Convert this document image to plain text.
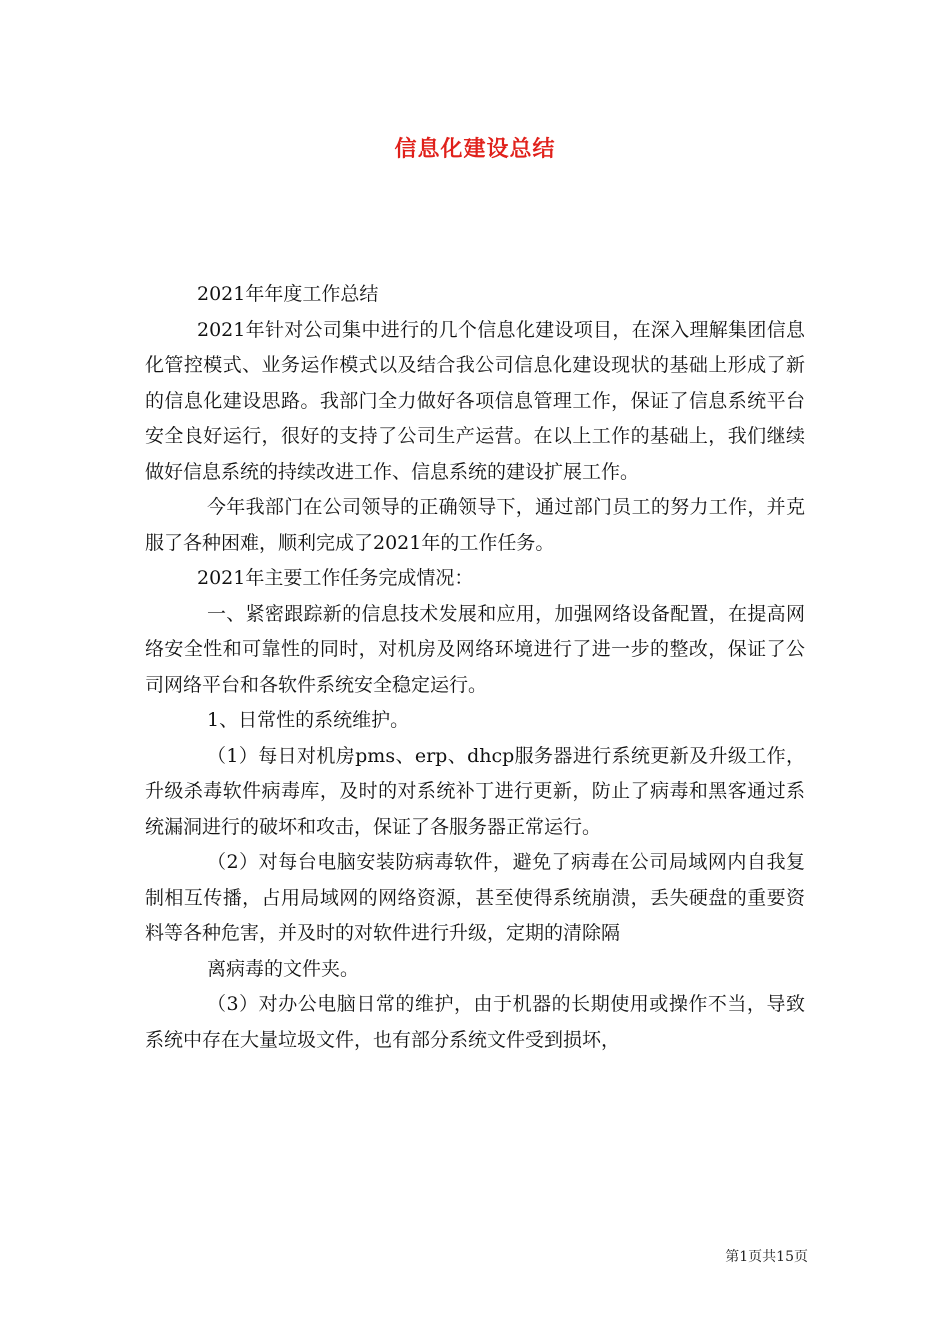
信息化建设总结

2021年年度工作总结

2021年针对公司集中进行的几个信息化建设项目，在深入理解集团信息化管控模式、业务运作模式以及结合我公司信息化建设现状的基础上形成了新的信息化建设思路。我部门全力做好各项信息管理工作，保证了信息系统平台安全良好运行，很好的支持了公司生产运营。在以上工作的基础上，我们继续做好信息系统的持续改进工作、信息系统的建设扩展工作。

今年我部门在公司领导的正确领导下，通过部门员工的努力工作，并克服了各种困难，顺利完成了2021年的工作任务。

2021年主要工作任务完成情况：

一、紧密跟踪新的信息技术发展和应用，加强网络设备配置，在提高网络安全性和可靠性的同时，对机房及网络环境进行了进一步的整改，保证了公司网络平台和各软件系统安全稳定运行。

1、日常性的系统维护。

（1）每日对机房pms、erp、dhcp服务器进行系统更新及升级工作，升级杀毒软件病毒库，及时的对系统补丁进行更新，防止了病毒和黑客通过系统漏洞进行的破坏和攻击，保证了各服务器正常运行。

（2）对每台电脑安装防病毒软件，避免了病毒在公司局域网内自我复制相互传播，占用局域网的网络资源，甚至使得系统崩溃，丢失硬盘的重要资料等各种危害，并及时的对软件进行升级，定期的清除隔

离病毒的文件夹。

（3）对办公电脑日常的维护，由于机器的长期使用或操作不当，导致系统中存在大量垃圾文件，也有部分系统文件受到损坏，

第1页共15页
